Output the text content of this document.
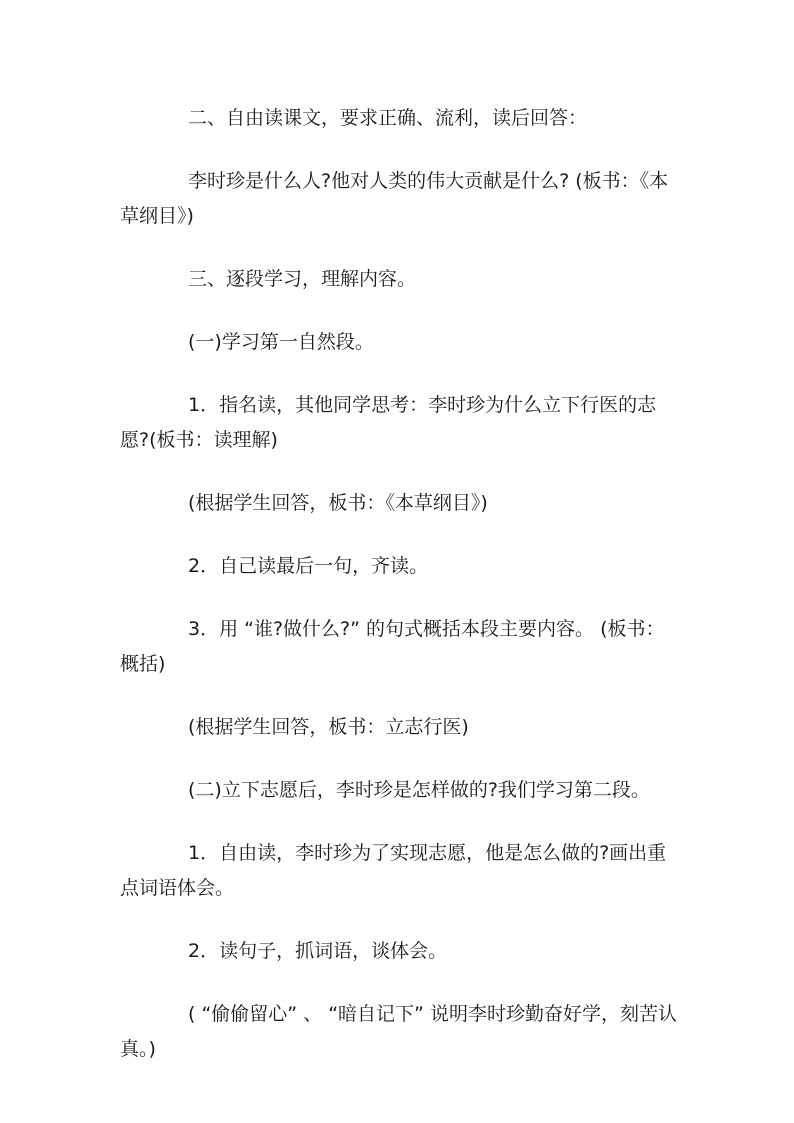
二、自由读课文，要求正确、流利，读后回答：

李时珍是什么人?他对人类的伟大贡献是什么? (板书：《本草纲目》)

三、逐段学习，理解内容。

(一)学习第一自然段。

1．指名读，其他同学思考：李时珍为什么立下行医的志愿?(板书：读理解)

(根据学生回答，板书：《本草纲目》)

2．自己读最后一句，齐读。

3．用 “谁?做什么?” 的句式概括本段主要内容。 (板书：概括)

(根据学生回答，板书：立志行医)

(二)立下志愿后，李时珍是怎样做的?我们学习第二段。

1．自由读，李时珍为了实现志愿，他是怎么做的?画出重点词语体会。

2．读句子，抓词语，谈体会。

( “偷偷留心” 、 “暗自记下” 说明李时珍勤奋好学，刻苦认真。)
